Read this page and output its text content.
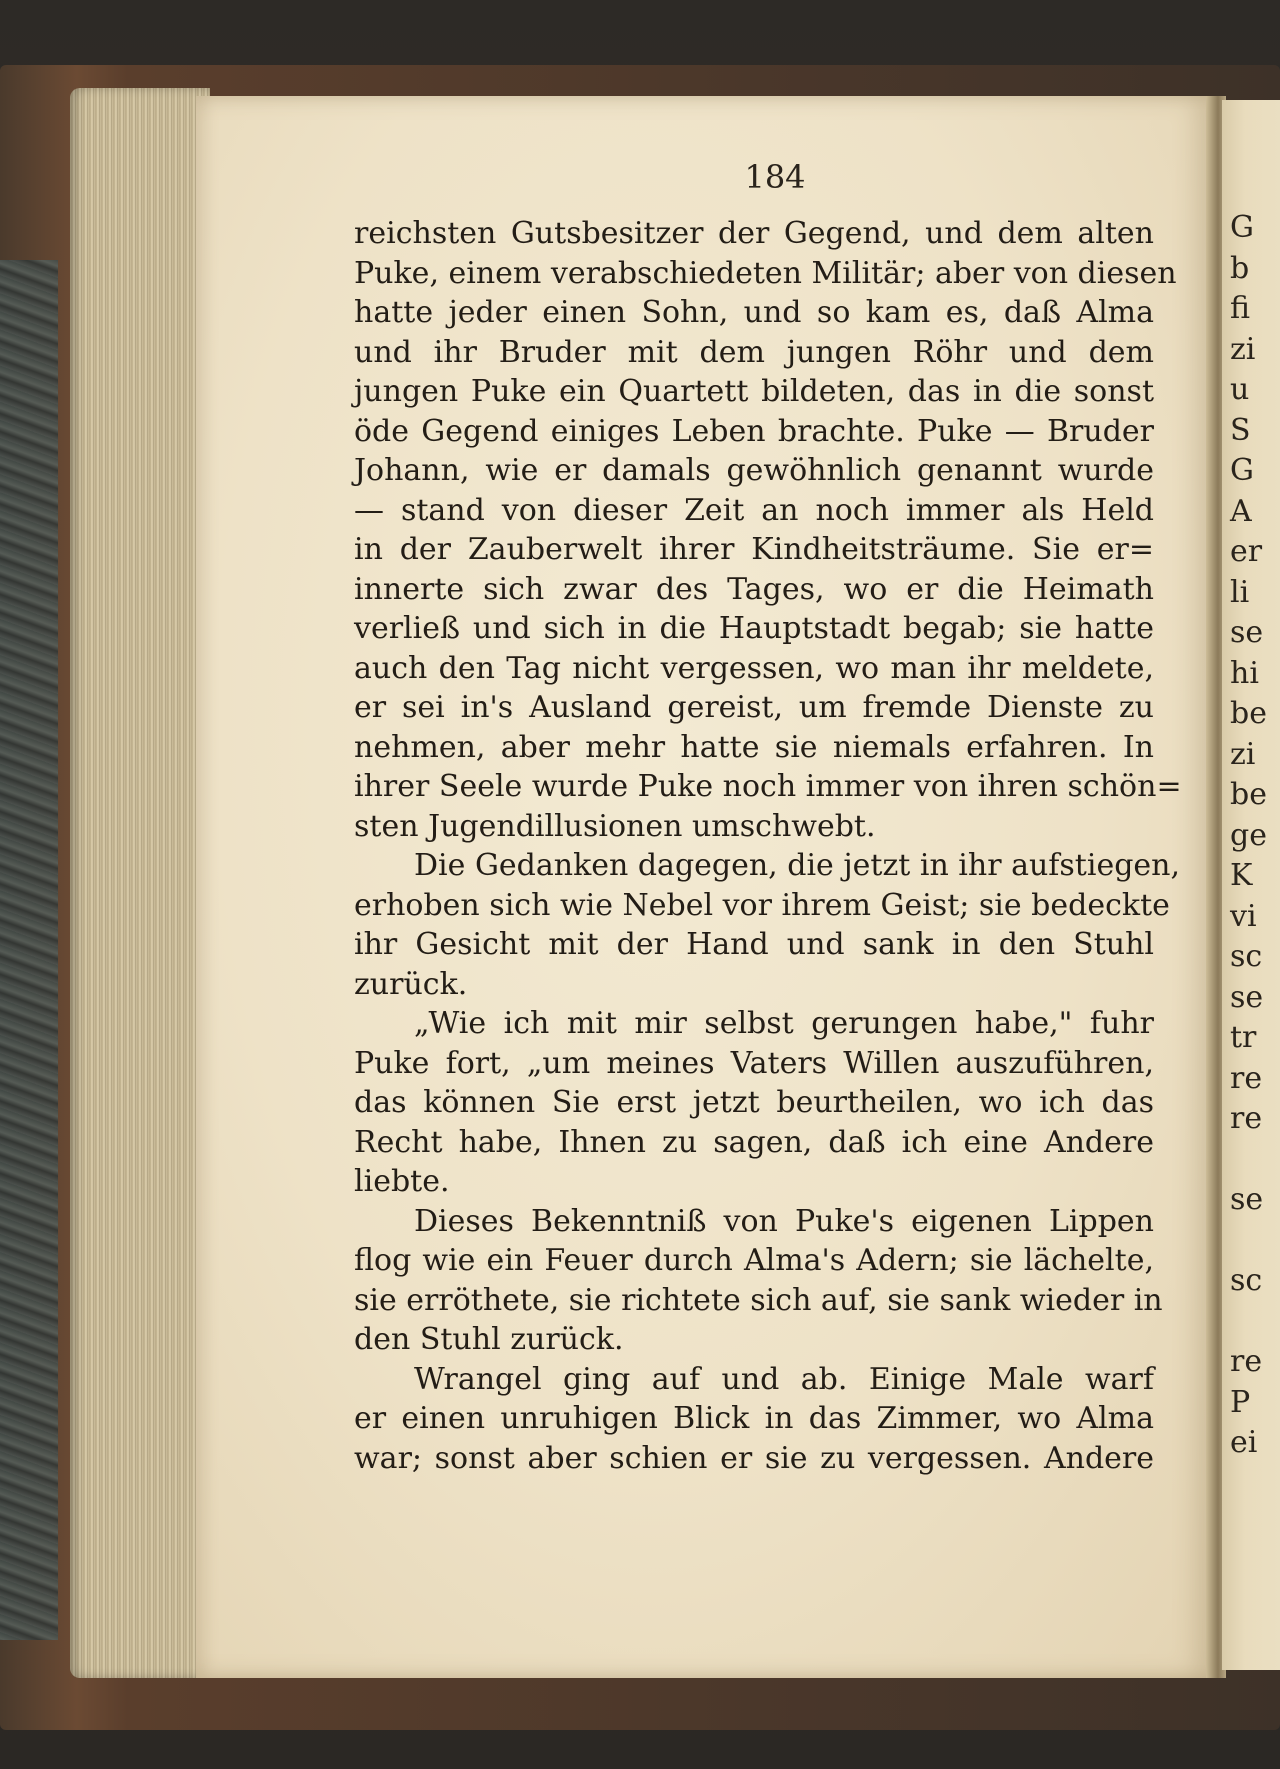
184
reichsten Gutsbesitzer der Gegend, und dem alten
Puke, einem verabschiedeten Militär; aber von diesen
hatte jeder einen Sohn, und so kam es, daß Alma
und ihr Bruder mit dem jungen Röhr und dem
jungen Puke ein Quartett bildeten, das in die sonst
öde Gegend einiges Leben brachte. Puke — Bruder
Johann, wie er damals gewöhnlich genannt wurde
— stand von dieser Zeit an noch immer als Held
in der Zauberwelt ihrer Kindheitsträume. Sie er=
innerte sich zwar des Tages, wo er die Heimath
verließ und sich in die Hauptstadt begab; sie hatte
auch den Tag nicht vergessen, wo man ihr meldete,
er sei in's Ausland gereist, um fremde Dienste zu
nehmen, aber mehr hatte sie niemals erfahren. In
ihrer Seele wurde Puke noch immer von ihren schön=
sten Jugendillusionen umschwebt.
Die Gedanken dagegen, die jetzt in ihr aufstiegen,
erhoben sich wie Nebel vor ihrem Geist; sie bedeckte
ihr Gesicht mit der Hand und sank in den Stuhl
zurück.
„Wie ich mit mir selbst gerungen habe," fuhr
Puke fort, „um meines Vaters Willen auszuführen,
das können Sie erst jetzt beurtheilen, wo ich das
Recht habe, Ihnen zu sagen, daß ich eine Andere
liebte.
Dieses Bekenntniß von Puke's eigenen Lippen
flog wie ein Feuer durch Alma's Adern; sie lächelte,
sie erröthete, sie richtete sich auf, sie sank wieder in
den Stuhl zurück.
Wrangel ging auf und ab. Einige Male warf
er einen unruhigen Blick in das Zimmer, wo Alma
war; sonst aber schien er sie zu vergessen. Andere
G
b
fi
zi
u
S
G
A
er
li
se
hi
be
zi
be
ge
K
vi
sc
se
tr
re
re
se
sc
re
P
ei
